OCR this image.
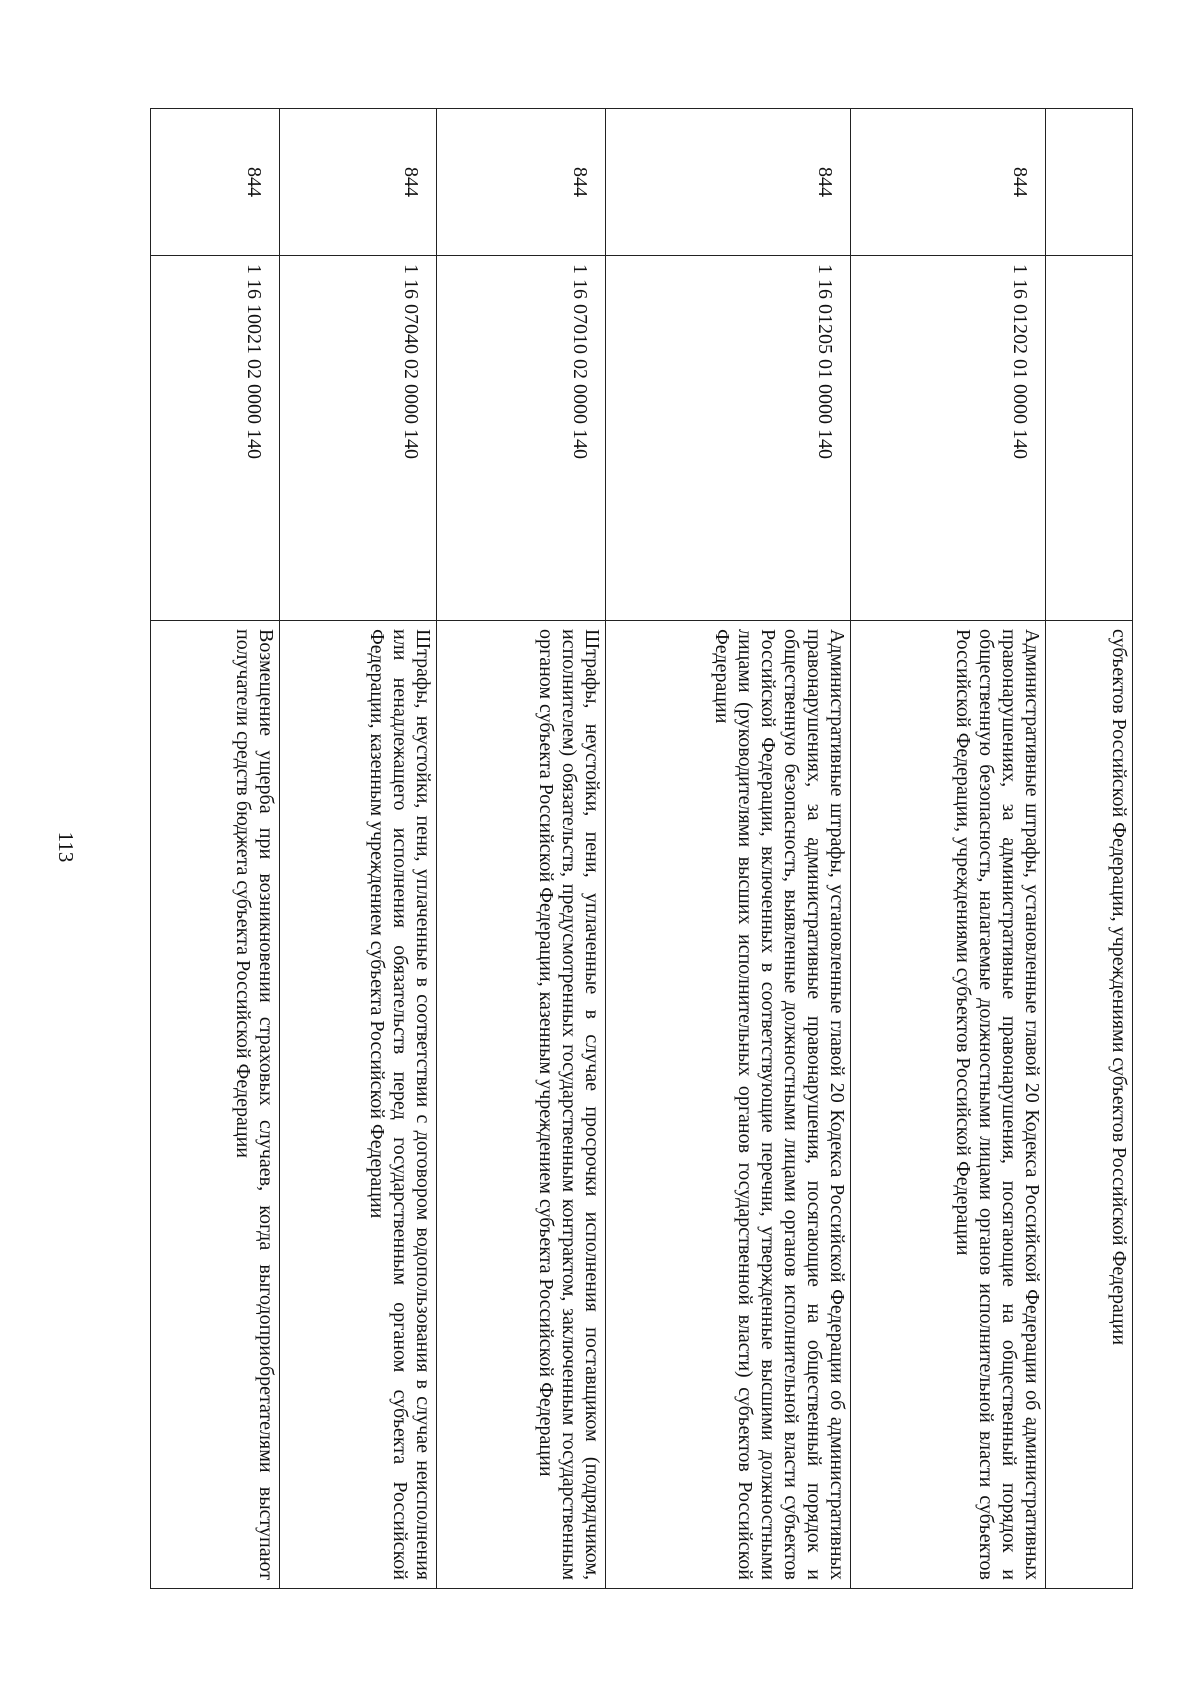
113
			субъектов Российской Федерации, учреждениями субъектов Российской Федерации
844	1 16 01202 01 0000 140	Административные штрафы, установленные главой 20 Кодекса Российской Федерации об административных правонарушениях, за административные правонарушения, посягающие на общественный порядок и общественную безопасность, налагаемые должностными лицами органов исполнительной власти субъектов Российской Федерации, учреждениями субъектов Российской Федерации
844	1 16 01205 01 0000 140	Административные штрафы, установленные главой 20 Кодекса Российской Федерации об административных правонарушениях, за административные правонарушения, посягающие на общественный порядок и общественную безопасность, выявленные должностными лицами органов исполнительной власти субъектов Российской Федерации, включенных в соответствующие перечни, утвержденные высшими должностными лицами (руководителями высших исполнительных органов государственной власти) субъектов Российской Федерации
844	1 16 07010 02 0000 140	Штрафы, неустойки, пени, уплаченные в случае просрочки исполнения поставщиком (подрядчиком, исполнителем) обязательств, предусмотренных государственным контрактом, заключенным государственным органом субъекта Российской Федерации, казенным учреждением субъекта Российской Федерации
844	1 16 07040 02 0000 140	Штрафы, неустойки, пени, уплаченные в соответствии с договором водопользования в случае неисполнения или ненадлежащего исполнения обязательств перед государственным органом субъекта Российской Федерации, казенным учреждением субъекта Российской Федерации
844	1 16 10021 02 0000 140	Возмещение ущерба при возникновении страховых случаев, когда выгодоприобретателями выступают получатели средств бюджета субъекта Российской Федерации
